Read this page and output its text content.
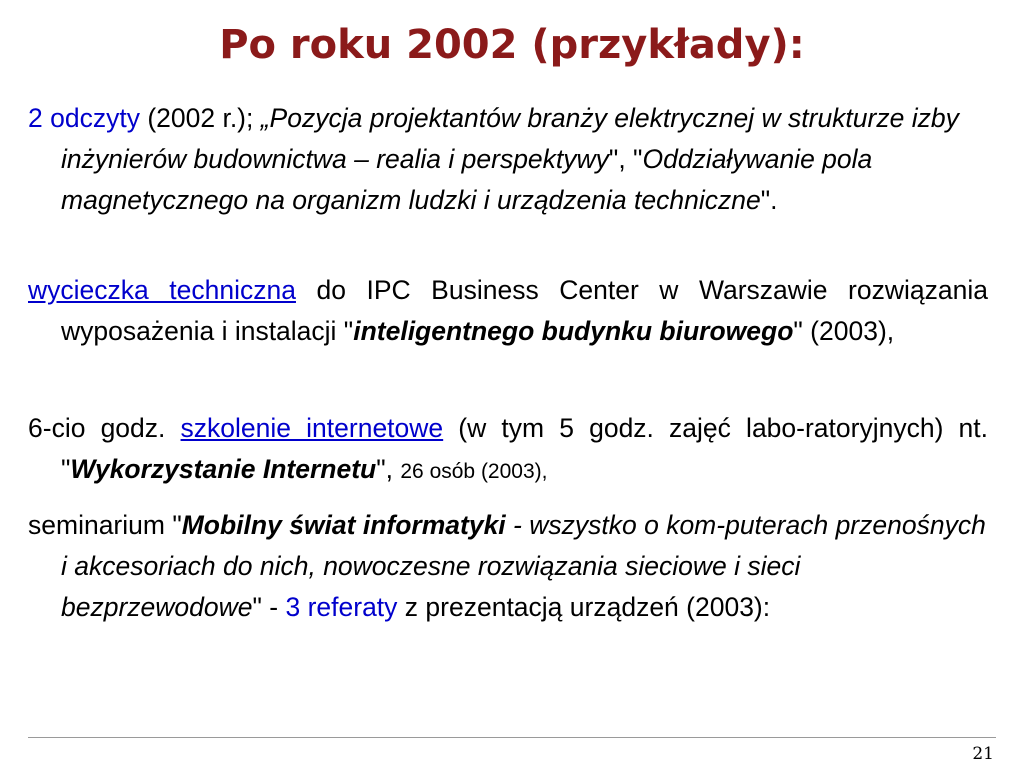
Po roku 2002 (przykłady):

2 odczyty (2002 r.); „Pozycja projektantów branży elektrycznej w strukturze izby inżynierów budownictwa – realia i perspektywy", "Oddziaływanie pola magnetycznego na organizm ludzki i urządzenia techniczne".

wycieczka techniczna do IPC Business Center w Warszawie rozwiązania wyposażenia i instalacji "inteligentnego budynku biurowego" (2003),

6-cio godz. szkolenie internetowe (w tym 5 godz. zajęć labo-ratoryjnych) nt. "Wykorzystanie Internetu", 26 osób (2003),

seminarium "Mobilny świat informatyki - wszystko o kom-puterach przenośnych i akcesoriach do nich, nowoczesne rozwiązania sieciowe i sieci bezprzewodowe" - 3 referaty z prezentacją urządzeń (2003):

21
